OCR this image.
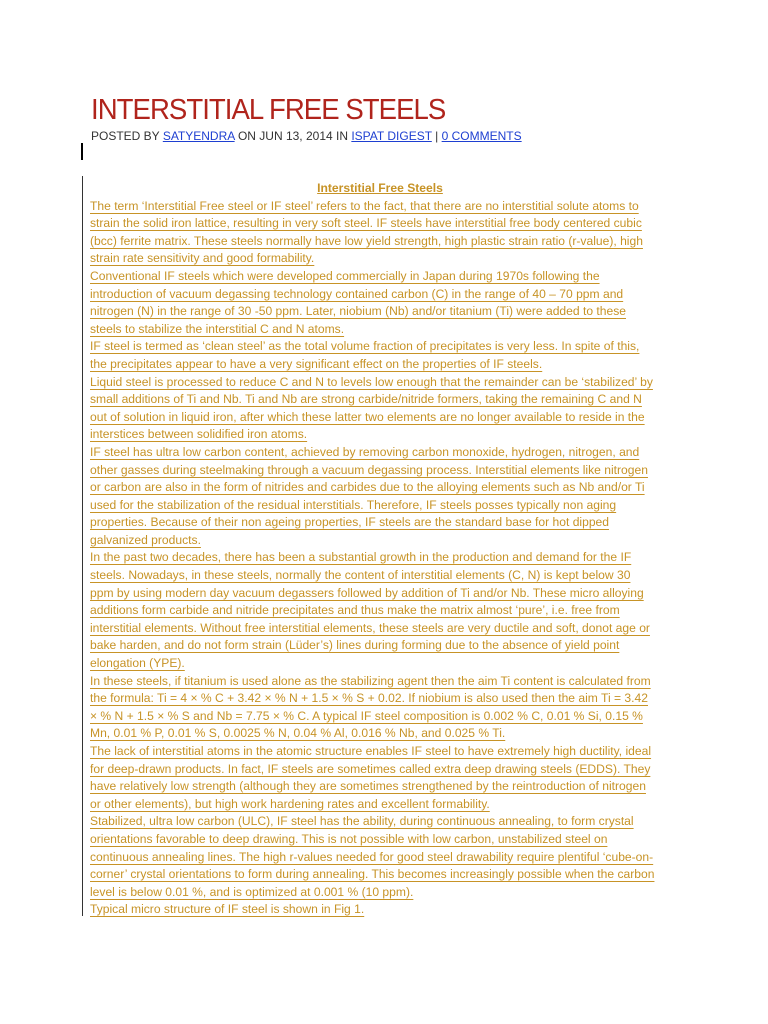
INTERSTITIAL FREE STEELS
POSTED BY SATYENDRA ON JUN 13, 2014 IN ISPAT DIGEST | 0 COMMENTS

Interstitial Free Steels

The term ‘Interstitial Free steel or IF steel’ refers to the fact, that there are no interstitial solute atoms to
strain the solid iron lattice, resulting in very soft steel. IF steels have interstitial free body centered cubic
(bcc) ferrite matrix. These steels normally have low yield strength, high plastic strain ratio (r-value), high
strain rate sensitivity and good formability.

Conventional IF steels which were developed commercially in Japan during 1970s following the
introduction of vacuum degassing technology contained carbon (C) in the range of 40 – 70 ppm and
nitrogen (N) in the range of 30 -50 ppm. Later, niobium (Nb) and/or titanium (Ti) were added to these
steels to stabilize the interstitial C and N atoms.

IF steel is termed as ‘clean steel’ as the total volume fraction of precipitates is very less. In spite of this,
the precipitates appear to have a very significant effect on the properties of IF steels.

Liquid steel is processed to reduce C and N to levels low enough that the remainder can be ‘stabilized’ by
small additions of Ti and Nb. Ti and Nb are strong carbide/nitride formers, taking the remaining C and N
out of solution in liquid iron, after which these latter two elements are no longer available to reside in the
interstices between solidified iron atoms.

IF steel has ultra low carbon content, achieved by removing carbon monoxide, hydrogen, nitrogen, and
other gasses during steelmaking through a vacuum degassing process. Interstitial elements like nitrogen
or carbon are also in the form of nitrides and carbides due to the alloying elements such as Nb and/or Ti
used for the stabilization of the residual interstitials. Therefore, IF steels posses typically non aging
properties. Because of their non ageing properties, IF steels are the standard base for hot dipped
galvanized products.

In the past two decades, there has been a substantial growth in the production and demand for the IF
steels. Nowadays, in these steels, normally the content of interstitial elements (C, N) is kept below 30
ppm by using modern day vacuum degassers followed by addition of Ti and/or Nb. These micro alloying
additions form carbide and nitride precipitates and thus make the matrix almost ‘pure’, i.e. free from
interstitial elements. Without free interstitial elements, these steels are very ductile and soft, donot age or
bake harden, and do not form strain (Lüder’s) lines during forming due to the absence of yield point
elongation (YPE).

In these steels, if titanium is used alone as the stabilizing agent then the aim Ti content is calculated from
the formula: Ti = 4 × % C + 3.42 × % N + 1.5 × % S + 0.02. If niobium is also used then the aim Ti = 3.42
× % N + 1.5 × % S and Nb = 7.75 × % C. A typical IF steel composition is 0.002 % C, 0.01 % Si, 0.15 %
Mn, 0.01 % P, 0.01 % S, 0.0025 % N, 0.04 % Al, 0.016 % Nb, and 0.025 % Ti.

The lack of interstitial atoms in the atomic structure enables IF steel to have extremely high ductility, ideal
for deep-drawn products. In fact, IF steels are sometimes called extra deep drawing steels (EDDS). They
have relatively low strength (although they are sometimes strengthened by the reintroduction of nitrogen
or other elements), but high work hardening rates and excellent formability.

Stabilized, ultra low carbon (ULC), IF steel has the ability, during continuous annealing, to form crystal
orientations favorable to deep drawing. This is not possible with low carbon, unstabilized steel on
continuous annealing lines. The high r-values needed for good steel drawability require plentiful ‘cube-on-
corner’ crystal orientations to form during annealing. This becomes increasingly possible when the carbon
level is below 0.01 %, and is optimized at 0.001 % (10 ppm).

Typical micro structure of IF steel is shown in Fig 1.
